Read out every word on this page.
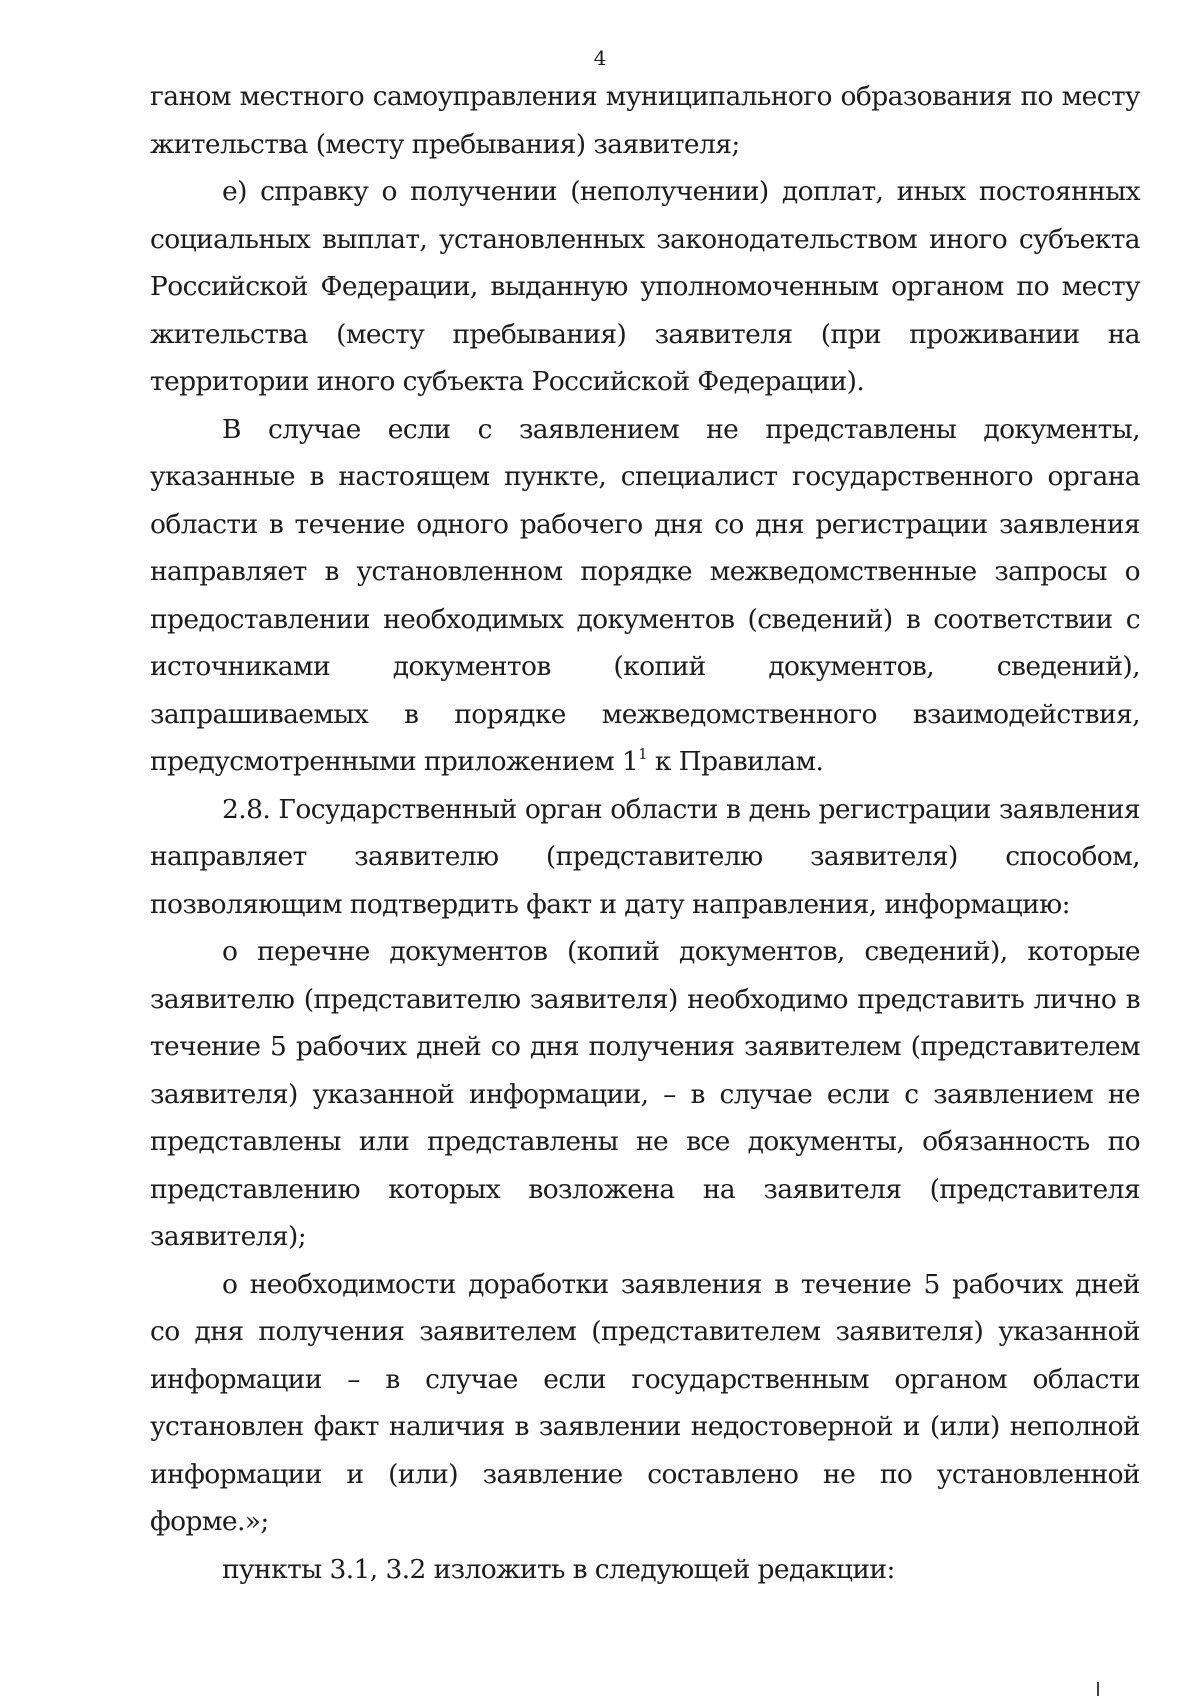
4

ганом местного самоуправления муниципального образования по месту жительства (месту пребывания) заявителя;

е) справку о получении (неполучении) доплат, иных постоянных социальных выплат, установленных законодательством иного субъекта Российской Федерации, выданную уполномоченным органом по месту жительства (месту пребывания) заявителя (при проживании на территории иного субъекта Российской Федерации).

В случае если с заявлением не представлены документы, указанные в настоящем пункте, специалист государственного органа области в течение одного рабочего дня со дня регистрации заявления направляет в установленном порядке межведомственные запросы о предоставлении необходимых документов (сведений) в соответствии с источниками документов (копий документов, сведений), запрашиваемых в порядке межведомственного взаимодействия, предусмотренными приложением $1^1$ к Правилам.

2.8. Государственный орган области в день регистрации заявления направляет заявителю (представителю заявителя) способом, позволяющим подтвердить факт и дату направления, информацию:

о перечне документов (копий документов, сведений), которые заявителю (представителю заявителя) необходимо представить лично в течение 5 рабочих дней со дня получения заявителем (представителем заявителя) указанной информации, – в случае если с заявлением не представлены или представлены не все документы, обязанность по представлению которых возложена на заявителя (представителя заявителя);

о необходимости доработки заявления в течение 5 рабочих дней со дня получения заявителем (представителем заявителя) указанной информации – в случае если государственным органом области установлен факт наличия в заявлении недостоверной и (или) неполной информации и (или) заявление составлено не по установленной форме.»;

пункты 3.1, 3.2 изложить в следующей редакции:
